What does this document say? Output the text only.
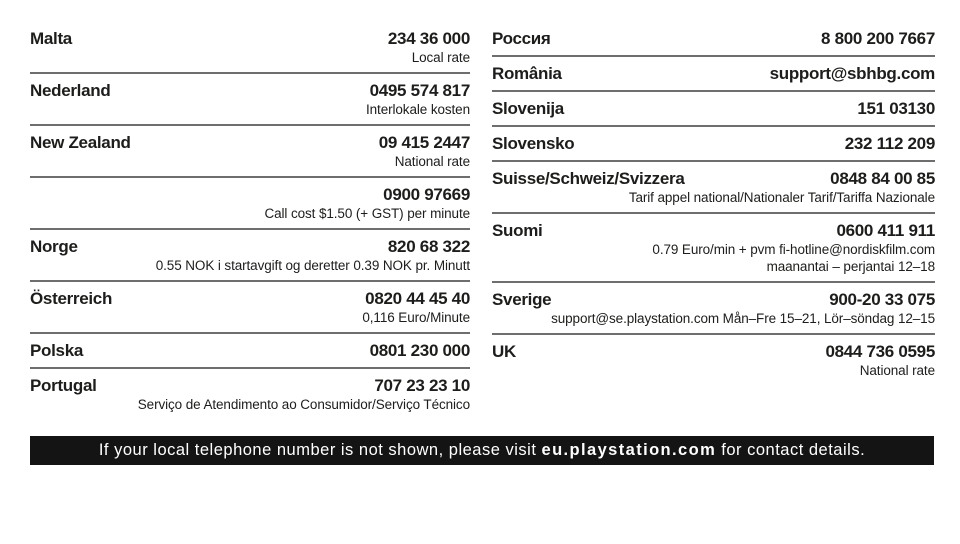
Malta	234 36 000
Local rate
Nederland	0495 574 817
Interlokale kosten
New Zealand	09 415 2447
National rate
0900 97669
Call cost $1.50 (+ GST) per minute
Norge	820 68 322
0.55 NOK i startavgift og deretter 0.39 NOK pr. Minutt
Österreich	0820 44 45 40
0,116 Euro/Minute
Polska	0801 230 000
Portugal	707 23 23 10
Serviço de Atendimento ao Consumidor/Serviço Técnico
Россия	8 800 200 7667
România	support@sbhbg.com
Slovenija	151 03130
Slovensko	232 112 209
Suisse/Schweiz/Svizzera	0848 84 00 85
Tarif appel national/Nationaler Tarif/Tariffa Nazionale
Suomi	0600 411 911
0.79 Euro/min + pvm fi-hotline@nordiskfilm.com
maanantai – perjantai 12–18
Sverige	900-20 33 075
support@se.playstation.com Mån–Fre 15–21, Lör–söndag 12–15
UK	0844 736 0595
National rate
If your local telephone number is not shown, please visit
eu.playstation.com
for contact details.
